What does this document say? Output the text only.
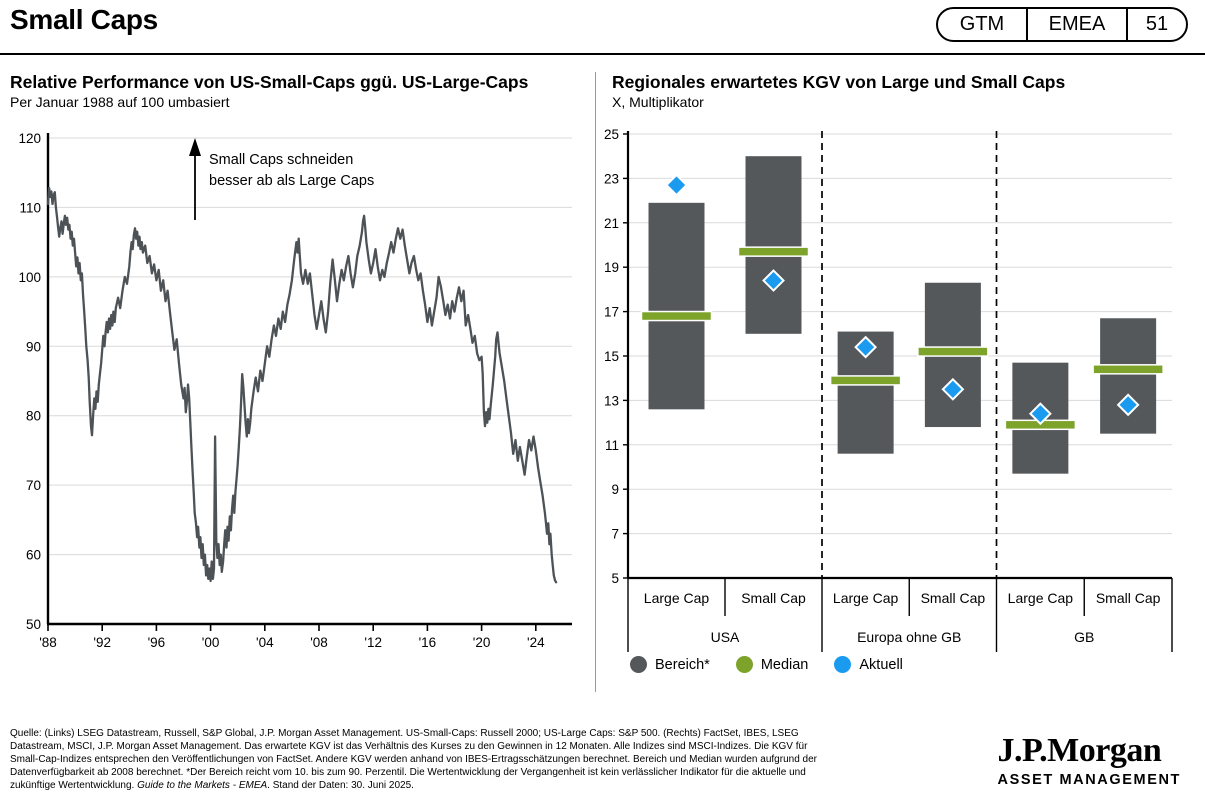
Small Caps	GTM	EMEA	51
Relative Performance von US-Small-Caps ggü. US-Large-Caps
Per Januar 1988 auf 100 umbasiert
Regionales erwartetes KGV von Large und Small Caps
X, Multiplikator
50
60
70
80
90
100
110
120
'88	'92	'96	'00	'04	'08	'12	'16	'20	'24
Small Caps schneiden
besser ab als Large Caps
5
7
9
11
13
15
17
19
21
23
25
Large Cap Small Cap
USA
Large Cap Small Cap
Europa ohne GB
Large Cap Small Cap
GB
Bereich*	Median	Aktuell
Quelle: (Links) LSEG Datastream, Russell, S&P Global, J.P. Morgan Asset Management. US-Small-Caps: Russell 2000; US-Large Caps: S&P 500. (Rechts) FactSet, IBES, LSEG
Datastream, MSCI, J.P. Morgan Asset Management. Das erwartete KGV ist das Verhältnis des Kurses zu den Gewinnen in 12 Monaten. Alle Indizes sind MSCI-Indizes. Die KGV für
Small-Cap-Indizes entsprechen den Veröffentlichungen von FactSet. Andere KGV werden anhand von IBES-Ertragsschätzungen berechnet. Bereich und Median wurden aufgrund der
Datenverfügbarkeit ab 2008 berechnet. *Der Bereich reicht vom 10. bis zum 90. Perzentil. Die Wertentwicklung der Vergangenheit ist kein verlässlicher Indikator für die aktuelle und
zukünftige Wertentwicklung. Guide to the Markets - EMEA. Stand der Daten: 30. Juni 2025.
J.P.Morgan
ASSET MANAGEMENT
